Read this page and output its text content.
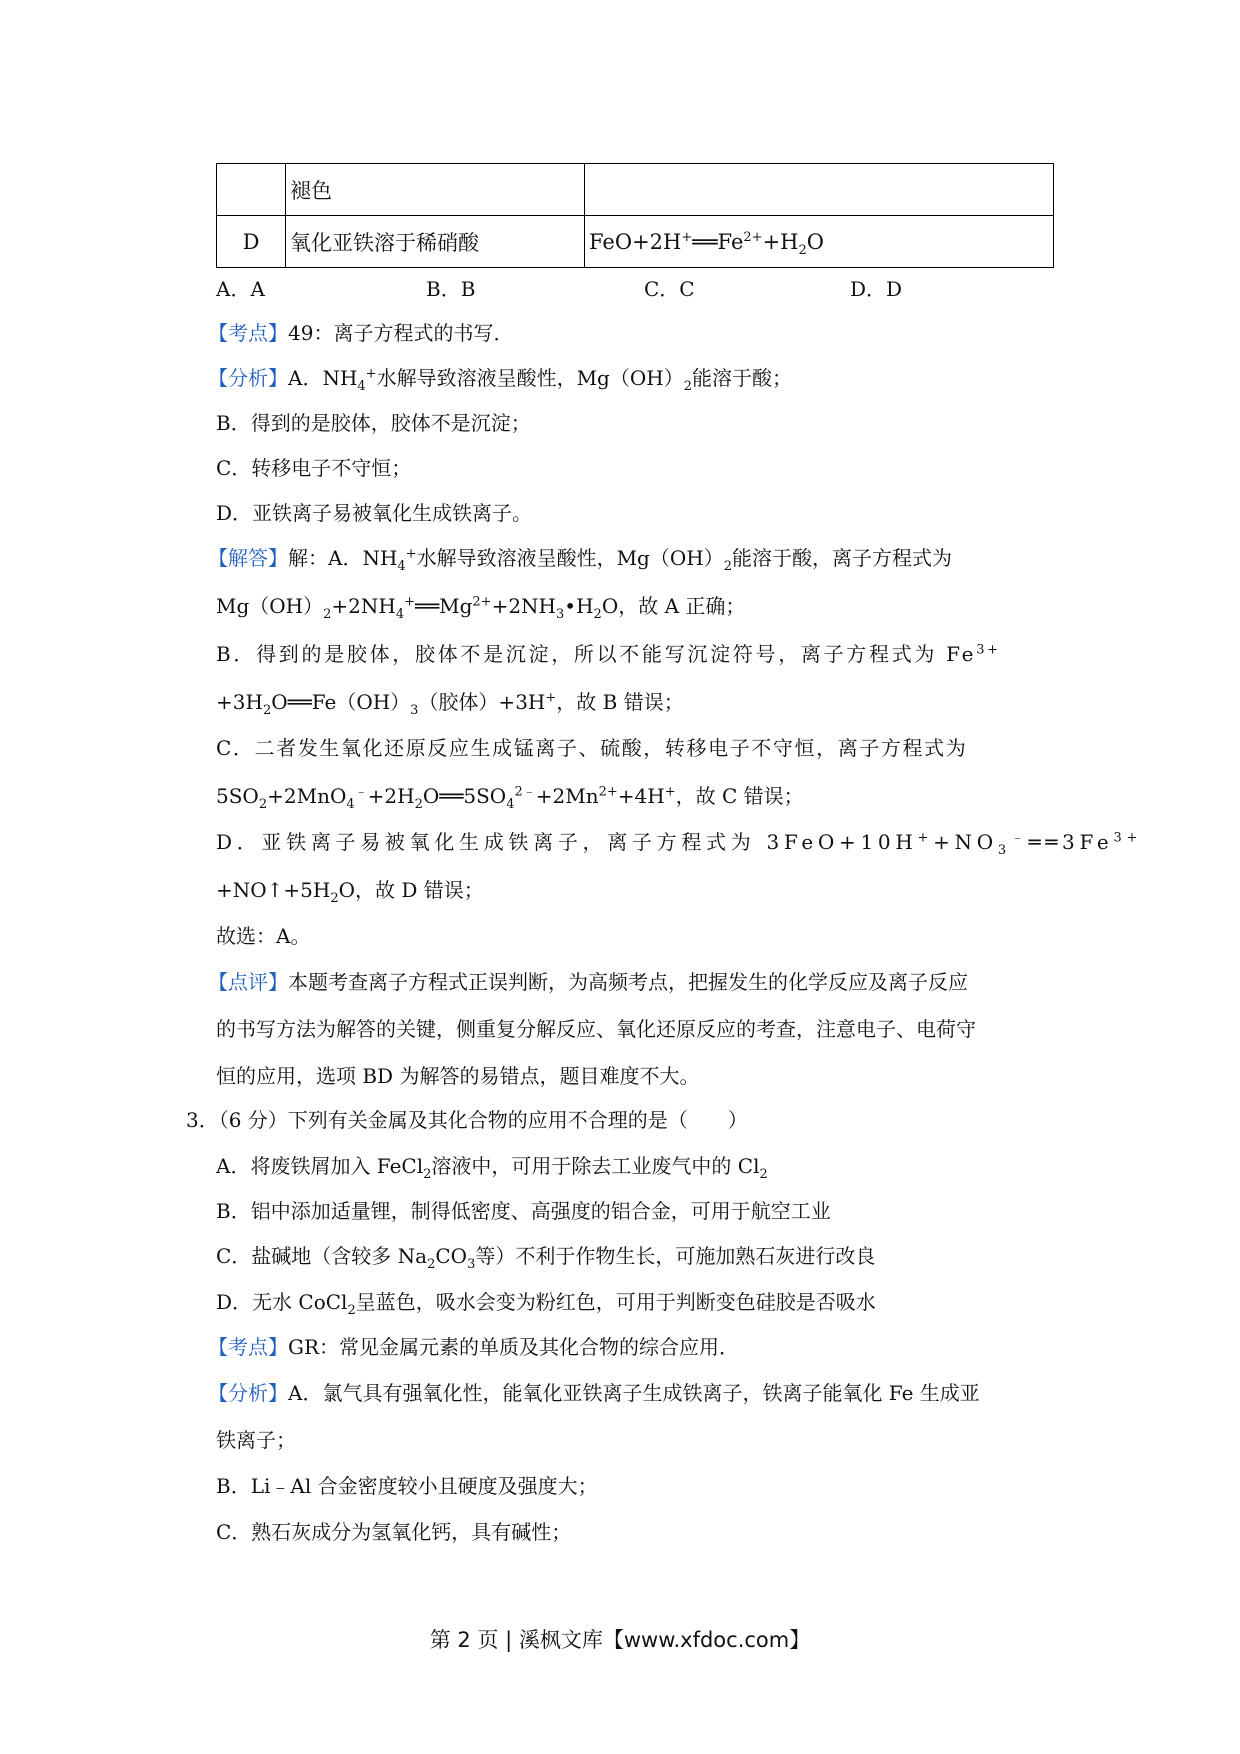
	褪色	
D	氧化亚铁溶于稀硝酸	$FeO+2H^+══Fe^{2+}+H_2O$
A．A	B．B	C．C	D．D
【考点】49：离子方程式的书写．
【分析】A．$NH_4^+$水解导致溶液呈酸性，$Mg(OH)_2$能溶于酸；
B．得到的是胶体，胶体不是沉淀；
C．转移电子不守恒；
D．亚铁离子易被氧化生成铁离子。
【解答】解：A．$NH_4^+$水解导致溶液呈酸性，$Mg(OH)_2$能溶于酸，离子方程式为
$Mg(OH)_2+2NH_4^+══Mg^{2+}+2NH_3•H_2O$，故 A 正确；
B．得到的是胶体，胶体不是沉淀，所以不能写沉淀符号，离子方程式为 $Fe^{3+}$
$+3H_2O══Fe(OH)_3$（胶体）+3H+，故 B 错误；
C．二者发生氧化还原反应生成锰离子、硫酸，转移电子不守恒，离子方程式为
$5SO_2+2MnO_4^﹣+2H_2O══5SO_4^{2﹣}+2Mn^{2+}+4H^+$，故 C 错误；
D．亚铁离子易被氧化生成铁离子，离子方程式为 $3FeO+10H^++NO_3^﹣══3Fe^{3+}$
$+NO↑+5H_2O$，故 D 错误；
故选：A。
【点评】本题考查离子方程式正误判断，为高频考点，把握发生的化学反应及离子反应
的书写方法为解答的关键，侧重复分解反应、氧化还原反应的考查，注意电子、电荷守
恒的应用，选项 BD 为解答的易错点，题目难度不大。
3．（6 分）下列有关金属及其化合物的应用不合理的是（　　）
A．将废铁屑加入 FeCl$_2$溶液中，可用于除去工业废气中的 $Cl_2$
B．铝中添加适量锂，制得低密度、高强度的铝合金，可用于航空工业
C．盐碱地（含较多 $Na_2CO_3$等）不利于作物生长，可施加熟石灰进行改良
D．无水 CoCl$_2$呈蓝色，吸水会变为粉红色，可用于判断变色硅胶是否吸水
【考点】GR：常见金属元素的单质及其化合物的综合应用．
【分析】A．氯气具有强氧化性，能氧化亚铁离子生成铁离子，铁离子能氧化 Fe 生成亚
铁离子；
B．Li﹣Al 合金密度较小且硬度及强度大；
C．熟石灰成分为氢氧化钙，具有碱性；
第 2 页 | 溪枫文库【www.xfdoc.com】
